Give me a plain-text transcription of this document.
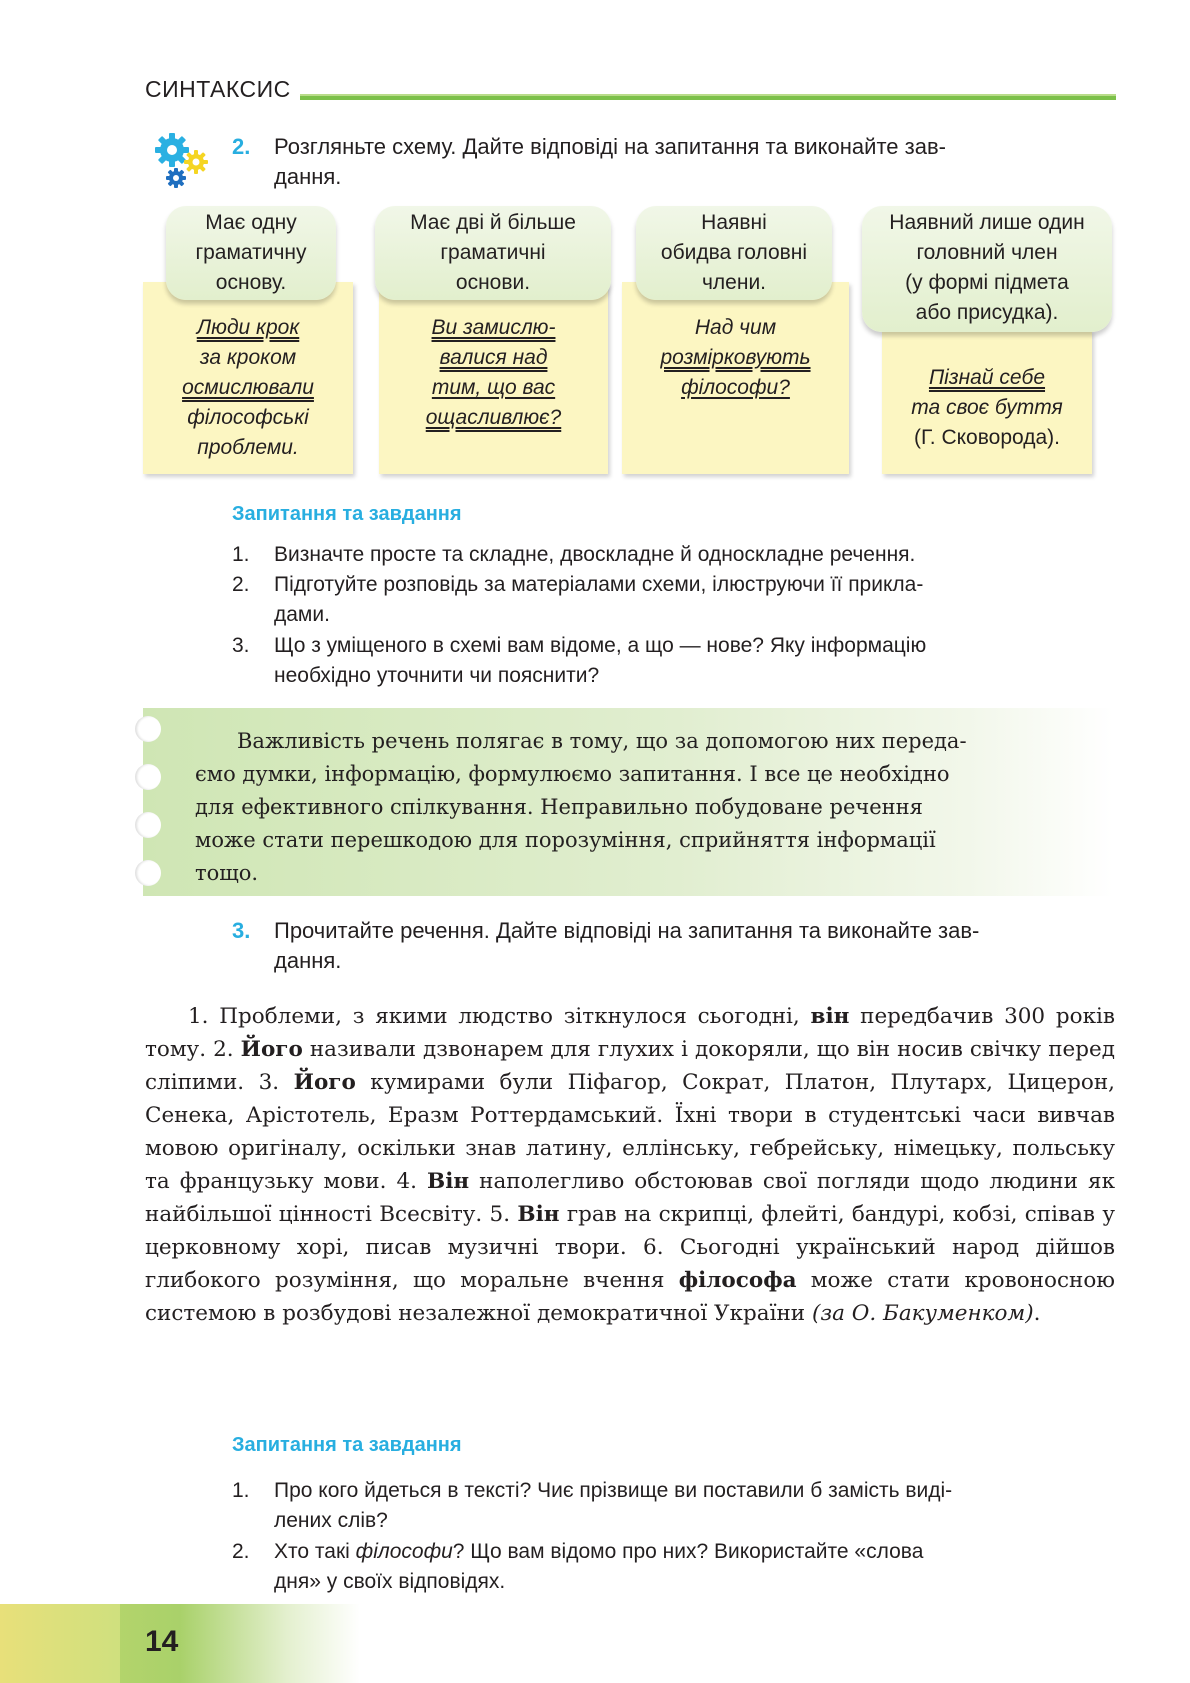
СИНТАКСИС
2. Розгляньте схему. Дайте відповіді на запитання та виконайте зав-
дання.
Має одну
граматичну
основу.
Люди крок
за кроком
осмислювали
філософські
проблеми.
Має дві й більше
граматичні
основи.
Ви замислю-
валися над
тим, що вас
ощасливлює?
Наявні
обидва головні
члени.
Над чим
розмірковують
філософи?
Наявний лише один
головний член
(у формі підмета
або присудка).
Пізнай себе
та своє буття
(Г. Сковорода).
Запитання та завдання
1. Визначте просте та складне, двоскладне й односкладне речення.
2. Підготуйте розповідь за матеріалами схеми, ілюструючи її прикла-
дами.
3. Що з уміщеного в схемі вам відоме, а що — нове? Яку інформацію
необхідно уточнити чи пояснити?
Важливість речень полягає в тому, що за допомогою них переда-
ємо думки, інформацію, формулюємо запитання. І все це необхідно
для ефективного спілкування. Неправильно побудоване речення
може стати перешкодою для порозуміння, сприйняття інформації
тощо.
3. Прочитайте речення. Дайте відповіді на запитання та виконайте зав-
дання.
1. Проблеми, з якими людство зіткнулося сьогодні, він передбачив 300 років тому. 2. Його називали дзвонарем для глухих і докоряли, що він носив свічку перед сліпими. 3. Його кумирами були Піфагор, Сократ, Платон, Плутарх, Цицерон, Сенека, Арістотель, Еразм Роттердамський. Їхні твори в студентські часи вивчав мовою оригіналу, оскільки знав латину, еллінську, гебрейську, німецьку, польську та французьку мови. 4. Він наполегливо обстоював свої погляди щодо людини як найбільшої цінності Всесвіту. 5. Він грав на скрипці, флейті, бандурі, кобзі, співав у церковному хорі, писав музичні твори. 6. Сьогодні український народ дійшов глибокого розуміння, що моральне вчення філософа може стати кровоносною системою в розбудові незалежної демократичної України (за О. Бакуменком).
Запитання та завдання
1. Про кого йдеться в тексті? Чиє прізвище ви поставили б замість виді-
лених слів?
2. Хто такі філософи? Що вам відомо про них? Використайте «слова
дня» у своїх відповідях.
14
